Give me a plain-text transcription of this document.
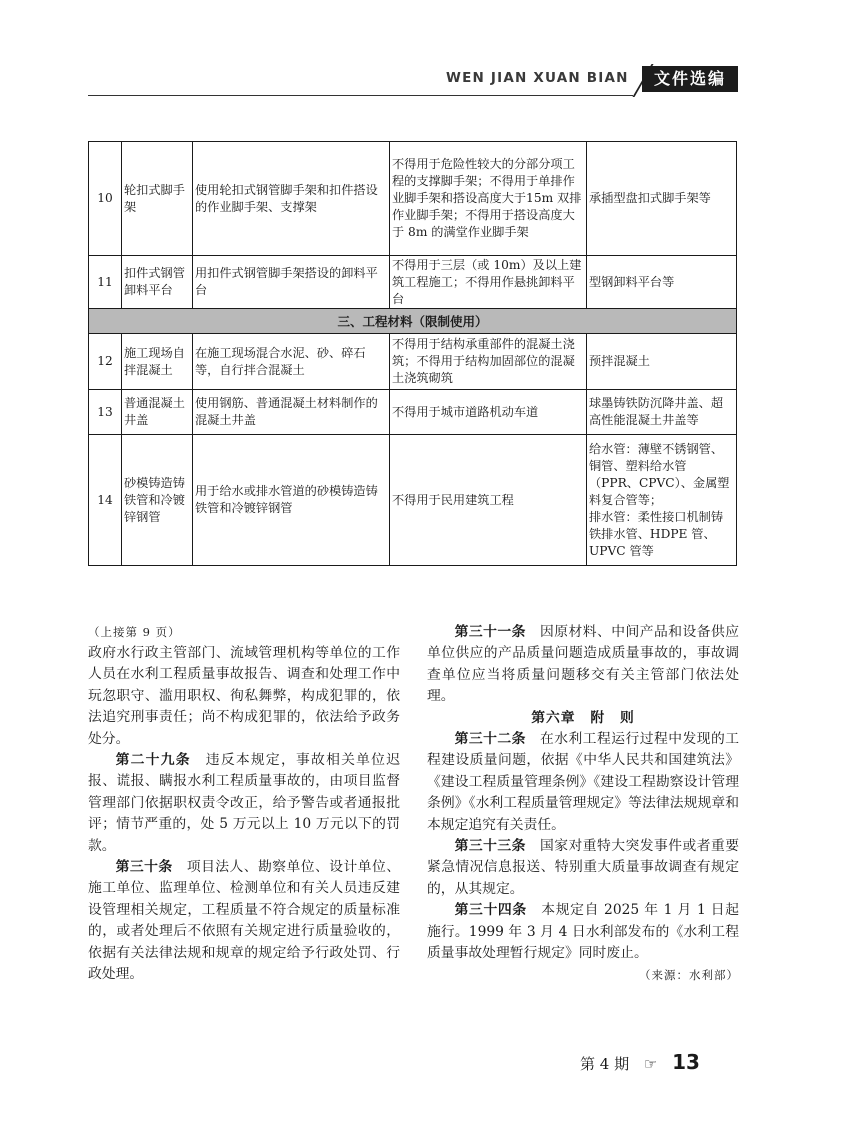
WEN JIAN XUAN BIAN	文件选编
10	轮扣式脚手架	使用轮扣式钢管脚手架和扣件搭设的作业脚手架、支撑架	不得用于危险性较大的分部分项工程的支撑脚手架；不得用于单排作业脚手架和搭设高度大于15m 双排作业脚手架；不得用于搭设高度大于 8m 的满堂作业脚手架	承插型盘扣式脚手架等
11	扣件式钢管卸料平台	用扣件式钢管脚手架搭设的卸料平台	不得用于三层（或 10m）及以上建筑工程施工；不得用作悬挑卸料平台	型钢卸料平台等
三、工程材料（限制使用）				
12	施工现场自拌混凝土	在施工现场混合水泥、砂、碎石等，自行拌合混凝土	不得用于结构承重部件的混凝土浇筑；不得用于结构加固部位的混凝土浇筑砌筑	预拌混凝土
13	普通混凝土井盖	使用钢筋、普通混凝土材料制作的混凝土井盖	不得用于城市道路机动车道	球墨铸铁防沉降井盖、超高性能混凝土井盖等
14	砂模铸造铸铁管和冷镀锌钢管	用于给水或排水管道的砂模铸造铸铁管和冷镀锌钢管	不得用于民用建筑工程	给水管：薄壁不锈钢管、铜管、塑料给水管（PPR、CPVC）、金属塑料复合管等；
排水管：柔性接口机制铸铁排水管、HDPE 管、UPVC 管等

（上接第 9 页）

政府水行政主管部门、流域管理机构等单位的工作人员在水利工程质量事故报告、调查和处理工作中玩忽职守、滥用职权、徇私舞弊，构成犯罪的，依法追究刑事责任；尚不构成犯罪的，依法给予政务处分。

第二十九条　违反本规定，事故相关单位迟报、谎报、瞒报水利工程质量事故的，由项目监督管理部门依据职权责令改正，给予警告或者通报批评；情节严重的，处 5 万元以上 10 万元以下的罚款。

第三十条　项目法人、勘察单位、设计单位、施工单位、监理单位、检测单位和有关人员违反建设管理相关规定，工程质量不符合规定的质量标准的，或者处理后不依照有关规定进行质量验收的，依据有关法律法规和规章的规定给予行政处罚、行政处理。

第三十一条　因原材料、中间产品和设备供应单位供应的产品质量问题造成质量事故的，事故调查单位应当将质量问题移交有关主管部门依法处理。

第六章　附　则

第三十二条　在水利工程运行过程中发现的工程建设质量问题，依据《中华人民共和国建筑法》《建设工程质量管理条例》《建设工程勘察设计管理条例》《水利工程质量管理规定》等法律法规规章和本规定追究有关责任。

第三十三条　国家对重特大突发事件或者重要紧急情况信息报送、特别重大质量事故调查有规定的，从其规定。

第三十四条　本规定自 2025 年 1 月 1 日起施行。1999 年 3 月 4 日水利部发布的《水利工程质量事故处理暂行规定》同时废止。

（来源：水利部）

第 4 期 ☞ 13
